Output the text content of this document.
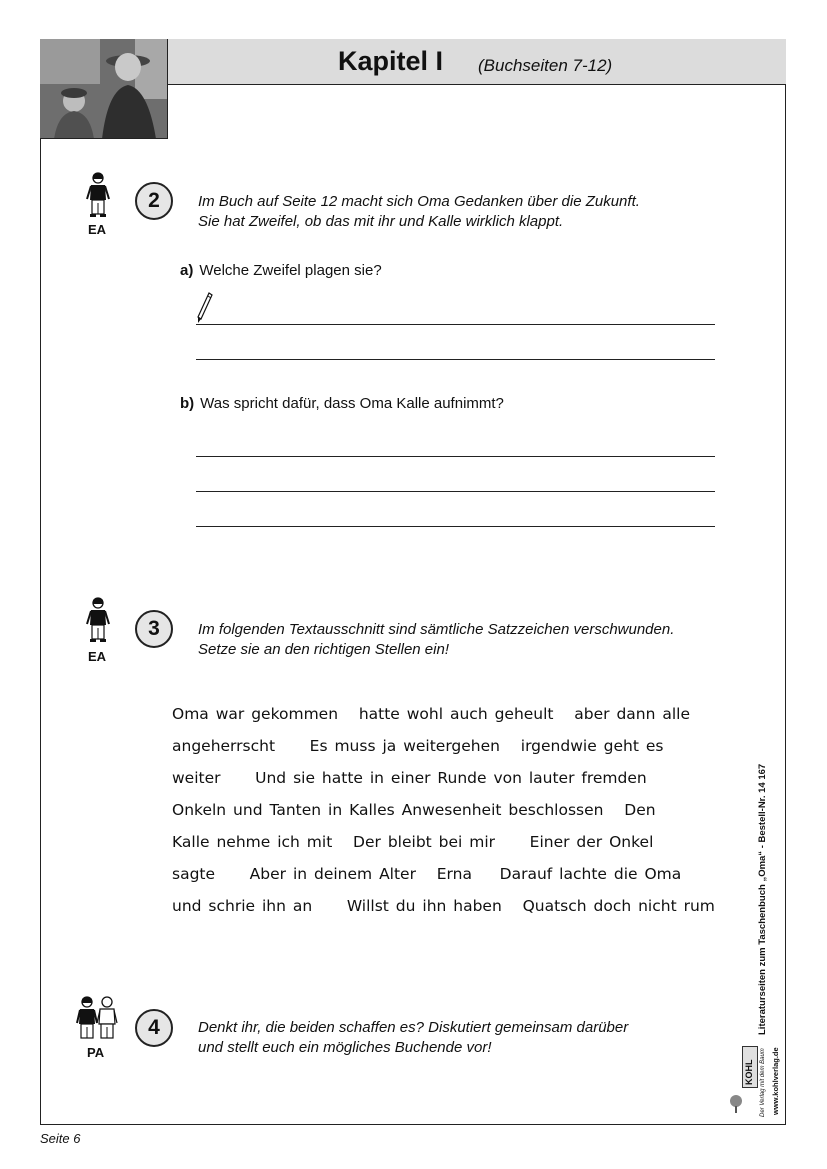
Kapitel I (Buchseiten 7-12)
EA
2	Im Buch auf Seite 12 macht sich Oma Gedanken über die Zukunft.
Sie hat Zweifel, ob das mit ihr und Kalle wirklich klappt.
a) Welche Zweifel plagen sie?
b) Was spricht dafür, dass Oma Kalle aufnimmt?
EA
3	Im folgenden Textausschnitt sind sämtliche Satzzeichen verschwunden.
Setze sie an den richtigen Stellen ein!
Oma war gekommen   hatte wohl auch geheult   aber dann alle
angeherrscht     Es muss ja weitergehen   irgendwie geht es
weiter     Und sie hatte in einer Runde von lauter fremden
Onkeln und Tanten in Kalles Anwesenheit beschlossen   Den
Kalle nehme ich mit   Der bleibt bei mir     Einer der Onkel
sagte     Aber in deinem Alter   Erna    Darauf lachte die Oma
und schrie ihn an     Willst du ihn haben   Quatsch doch nicht rum
PA
4	Denkt ihr, die beiden schaffen es? Diskutiert gemeinsam darüber
und stellt euch ein mögliches Buchende vor!
Literaturseiten zum Taschenbuch „Oma“ - Bestell-Nr. 14 167
KOHL Der Verlag mit dem Baum www.kohlverlag.de
Seite 6
